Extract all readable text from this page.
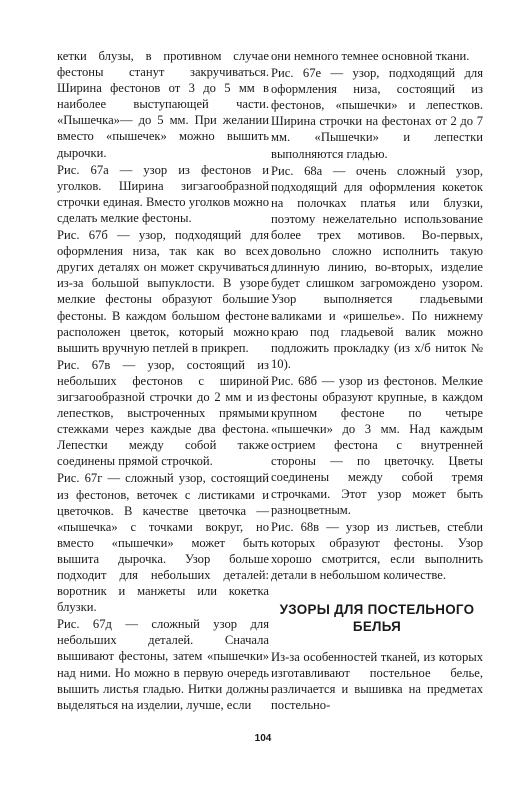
кетки блузы, в противном случае фестоны станут закручиваться. Ширина фестонов от 3 до 5 мм в наиболее выступающей части. «Пышечка»— до 5 мм. При желании вместо «пышечек» можно вышить дырочки.

Рис. 67а — узор из фестонов и уголков. Ширина зигзагообразной строчки единая. Вместо уголков можно сделать мелкие фестоны.

Рис. 67б — узор, подходящий для оформления низа, так как во всех других деталях он может скручиваться из-за большой выпуклости. В узоре мелкие фестоны образуют большие фестоны. В каждом большом фестоне расположен цветок, который можно вышить вручную петлей в прикреп.

Рис. 67в — узор, состоящий из небольших фестонов с шириной зигзагообразной строчки до 2 мм и из лепестков, выстроченных прямыми стежками через каждые два фестона. Лепестки между собой также соединены прямой строчкой.

Рис. 67г — сложный узор, состоящий из фестонов, веточек с листиками и цветочков. В качестве цветочка — «пышечка» с точками вокруг, но вместо «пышечки» может быть вышита дырочка. Узор больше подходит для небольших деталей: воротник и манжеты или кокетка блузки.

Рис. 67д — сложный узор для небольших деталей. Сначала вышивают фестоны, затем «пышечки» над ними. Но можно в первую очередь вышить листья гладью. Нитки должны выделяться на изделии, лучше, если

они немного темнее основной ткани.

Рис. 67е — узор, подходящий для оформления низа, состоящий из фестонов, «пышечки» и лепестков. Ширина строчки на фестонах от 2 до 7 мм. «Пышечки» и лепестки выполняются гладью.

Рис. 68а — очень сложный узор, подходящий для оформления кокеток на полочках платья или блузки, поэтому нежелательно использование более трех мотивов. Во-первых, довольно сложно исполнить такую длинную линию, во-вторых, изделие будет слишком загромождено узором. Узор выполняется гладьевыми валиками и «ришелье». По нижнему краю под гладьевой валик можно подложить прокладку (из х/б ниток № 10).

Рис. 68б — узор из фестонов. Мелкие фестоны образуют крупные, в каждом крупном фестоне по четыре «пышечки» до 3 мм. Над каждым острием фестона с внутренней стороны — по цветочку. Цветы соединены между собой тремя строчками. Этот узор может быть разноцветным.

Рис. 68в — узор из листьев, стебли которых образуют фестоны. Узор хорошо смотрится, если выполнить детали в небольшом количестве.

УЗОРЫ ДЛЯ ПОСТЕЛЬНОГО БЕЛЬЯ

Из-за особенностей тканей, из которых изготавливают постельное белье, различается и вышивка на предметах постельно-

104
